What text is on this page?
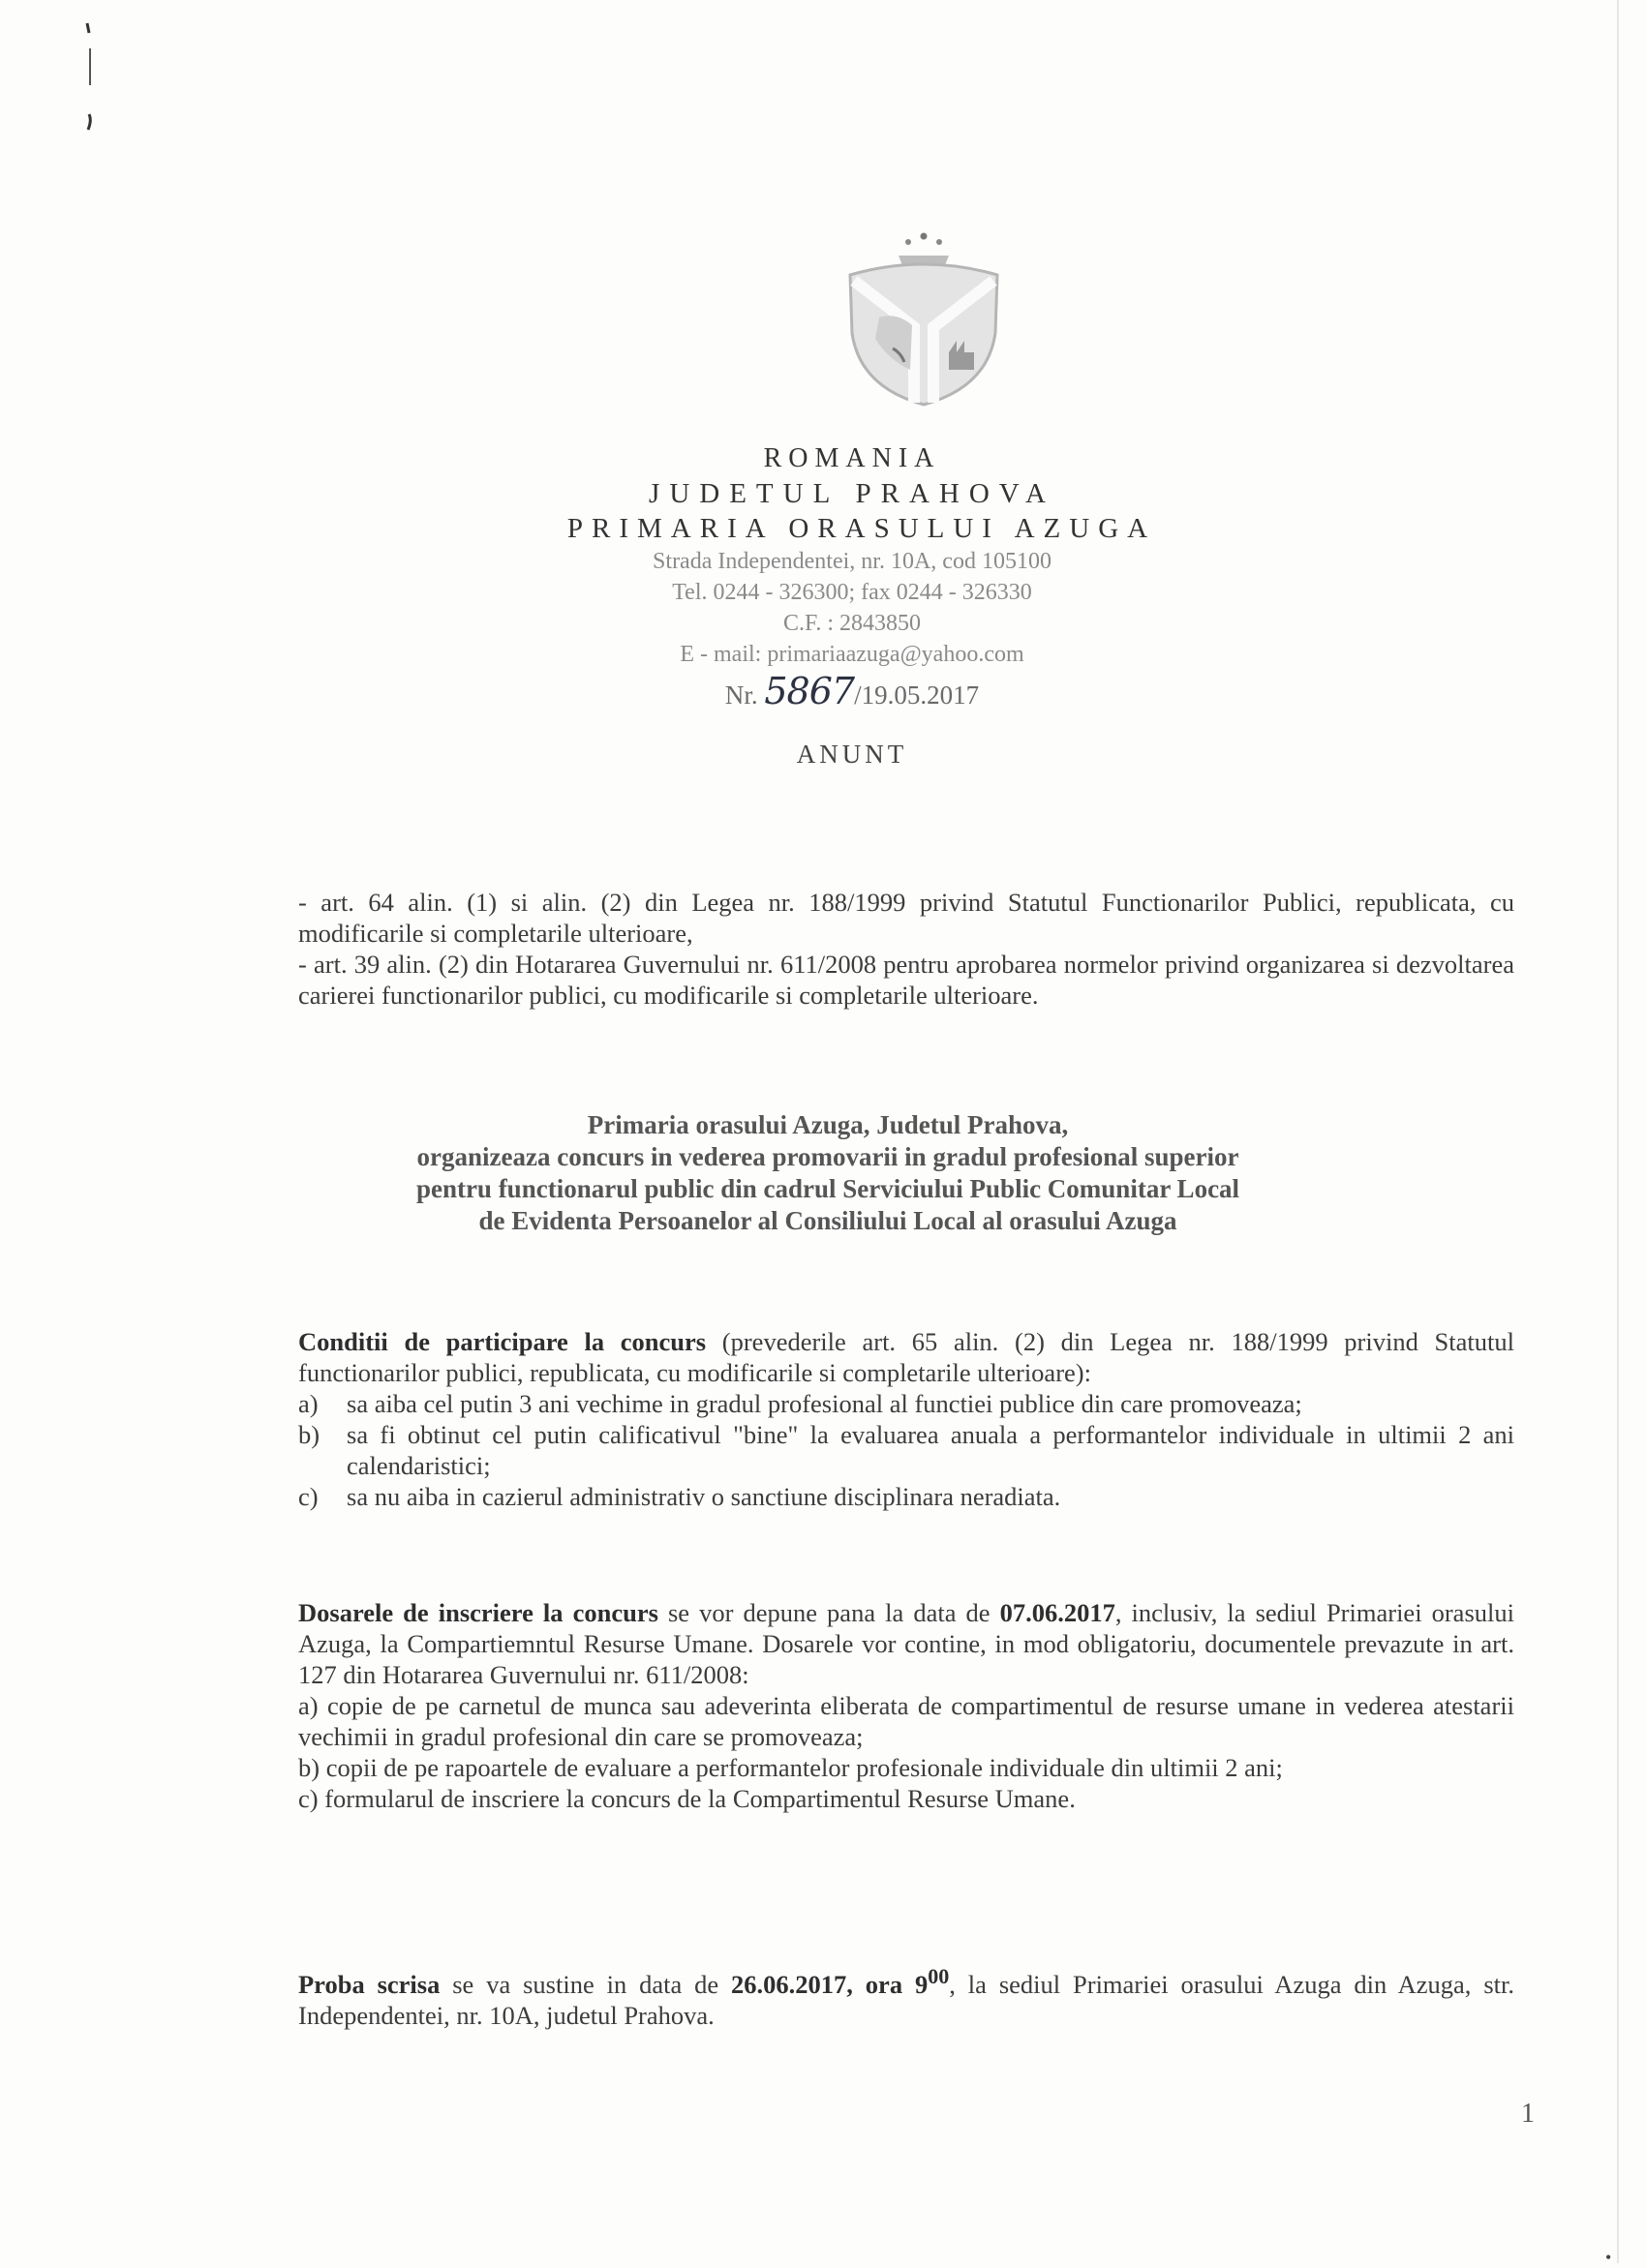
ROMANIA
JUDETUL PRAHOVA
PRIMARIA ORASULUI AZUGA
Strada Independentei, nr. 10A, cod 105100
Tel. 0244 - 326300; fax 0244 - 326330
C.F. : 2843850
E - mail: primariaazuga@yahoo.com
Nr. 5867/19.05.2017
ANUNT

- art. 64 alin. (1) si alin. (2) din Legea nr. 188/1999 privind Statutul Functionarilor Publici, republicata, cu modificarile si completarile ulterioare,

- art. 39 alin. (2) din Hotararea Guvernului nr. 611/2008 pentru aprobarea normelor privind organizarea si dezvoltarea carierei functionarilor publici, cu modificarile si completarile ulterioare.

Primaria orasului Azuga, Judetul Prahova,
organizeaza concurs in vederea promovarii in gradul profesional superior
pentru functionarul public din cadrul Serviciului Public Comunitar Local
de Evidenta Persoanelor al Consiliului Local al orasului Azuga

Conditii de participare la concurs (prevederile art. 65 alin. (2) din Legea nr. 188/1999 privind Statutul functionarilor publici, republicata, cu modificarile si completarile ulterioare):

a) sa aiba cel putin 3 ani vechime in gradul profesional al functiei publice din care promoveaza;
b) sa fi obtinut cel putin calificativul "bine" la evaluarea anuala a performantelor individuale in ultimii 2 ani calendaristici;
c) sa nu aiba in cazierul administrativ o sanctiune disciplinara neradiata.

Dosarele de inscriere la concurs se vor depune pana la data de 07.06.2017, inclusiv, la sediul Primariei orasului Azuga, la Compartiemntul Resurse Umane. Dosarele vor contine, in mod obligatoriu, documentele prevazute in art. 127 din Hotararea Guvernului nr. 611/2008:

a) copie de pe carnetul de munca sau adeverinta eliberata de compartimentul de resurse umane in vederea atestarii vechimii in gradul profesional din care se promoveaza;

b) copii de pe rapoartele de evaluare a performantelor profesionale individuale din ultimii 2 ani;

c) formularul de inscriere la concurs de la Compartimentul Resurse Umane.

Proba scrisa se va sustine in data de 26.06.2017, ora $9^{00}$, la sediul Primariei orasului Azuga din Azuga, str. Independentei, nr. 10A, judetul Prahova.

1
•
